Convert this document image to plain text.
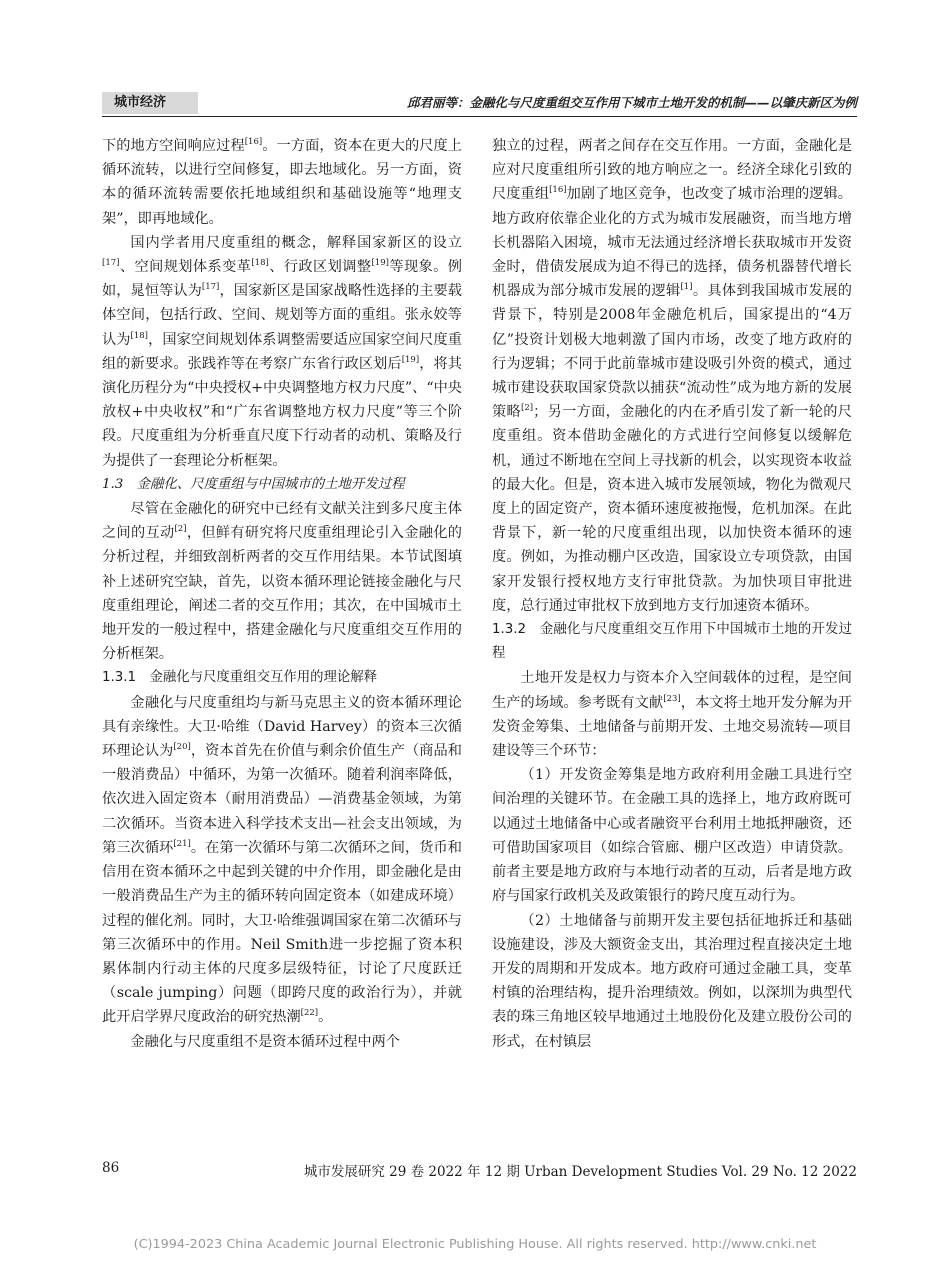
城市经济	邱君丽等：金融化与尺度重组交互作用下城市土地开发的机制——以肇庆新区为例

下的地方空间响应过程[16]。一方面，资本在更大的尺度上循环流转，以进行空间修复，即去地域化。另一方面，资本的循环流转需要依托地域组织和基础设施等“地理支架”，即再地域化。

国内学者用尺度重组的概念，解释国家新区的设立[17]、空间规划体系变革[18]、行政区划调整[19]等现象。例如，晁恒等认为[17]，国家新区是国家战略性选择的主要载体空间，包括行政、空间、规划等方面的重组。张永姣等认为[18]，国家空间规划体系调整需要适应国家空间尺度重组的新要求。张践祚等在考察广东省行政区划后[19]，将其演化历程分为“中央授权+中央调整地方权力尺度”、“中央放权+中央收权”和“广东省调整地方权力尺度”等三个阶段。尺度重组为分析垂直尺度下行动者的动机、策略及行为提供了一套理论分析框架。

1.3　金融化、尺度重组与中国城市的土地开发过程

尽管在金融化的研究中已经有文献关注到多尺度主体之间的互动[2]，但鲜有研究将尺度重组理论引入金融化的分析过程，并细致剖析两者的交互作用结果。本节试图填补上述研究空缺，首先，以资本循环理论链接金融化与尺度重组理论，阐述二者的交互作用；其次，在中国城市土地开发的一般过程中，搭建金融化与尺度重组交互作用的分析框架。

1.3.1　金融化与尺度重组交互作用的理论解释

金融化与尺度重组均与新马克思主义的资本循环理论具有亲缘性。大卫·哈维（David Harvey）的资本三次循环理论认为[20]，资本首先在价值与剩余价值生产（商品和一般消费品）中循环，为第一次循环。随着利润率降低，依次进入固定资本（耐用消费品）—消费基金领域，为第二次循环。当资本进入科学技术支出—社会支出领域，为第三次循环[21]。在第一次循环与第二次循环之间，货币和信用在资本循环之中起到关键的中介作用，即金融化是由一般消费品生产为主的循环转向固定资本（如建成环境）过程的催化剂。同时，大卫·哈维强调国家在第二次循环与第三次循环中的作用。Neil Smith进一步挖掘了资本积累体制内行动主体的尺度多层级特征，讨论了尺度跃迁（scale jumping）问题（即跨尺度的政治行为），并就此开启学界尺度政治的研究热潮[22]。

金融化与尺度重组不是资本循环过程中两个

独立的过程，两者之间存在交互作用。一方面，金融化是应对尺度重组所引致的地方响应之一。经济全球化引致的尺度重组[16]加剧了地区竞争，也改变了城市治理的逻辑。地方政府依靠企业化的方式为城市发展融资，而当地方增长机器陷入困境，城市无法通过经济增长获取城市开发资金时，借债发展成为迫不得已的选择，债务机器替代增长机器成为部分城市发展的逻辑[1]。具体到我国城市发展的背景下，特别是2008年金融危机后，国家提出的“4万亿”投资计划极大地刺激了国内市场，改变了地方政府的行为逻辑；不同于此前靠城市建设吸引外资的模式，通过城市建设获取国家贷款以捕获“流动性”成为地方新的发展策略[2]；另一方面，金融化的内在矛盾引发了新一轮的尺度重组。资本借助金融化的方式进行空间修复以缓解危机，通过不断地在空间上寻找新的机会，以实现资本收益的最大化。但是，资本进入城市发展领域，物化为微观尺度上的固定资产，资本循环速度被拖慢，危机加深。在此背景下，新一轮的尺度重组出现，以加快资本循环的速度。例如，为推动棚户区改造，国家设立专项贷款，由国家开发银行授权地方支行审批贷款。为加快项目审批进度，总行通过审批权下放到地方支行加速资本循环。

1.3.2　金融化与尺度重组交互作用下中国城市土地的开发过程

土地开发是权力与资本介入空间载体的过程，是空间生产的场域。参考既有文献[23]，本文将土地开发分解为开发资金筹集、土地储备与前期开发、土地交易流转—项目建设等三个环节：

（1）开发资金筹集是地方政府利用金融工具进行空间治理的关键环节。在金融工具的选择上，地方政府既可以通过土地储备中心或者融资平台利用土地抵押融资，还可借助国家项目（如综合管廊、棚户区改造）申请贷款。前者主要是地方政府与本地行动者的互动，后者是地方政府与国家行政机关及政策银行的跨尺度互动行为。

（2）土地储备与前期开发主要包括征地拆迁和基础设施建设，涉及大额资金支出，其治理过程直接决定土地开发的周期和开发成本。地方政府可通过金融工具，变革村镇的治理结构，提升治理绩效。例如，以深圳为典型代表的珠三角地区较早地通过土地股份化及建立股份公司的形式，在村镇层

86	城市发展研究 29 卷 2022 年 12 期 Urban Development Studies Vol. 29 No. 12 2022
(C)1994-2023 China Academic Journal Electronic Publishing House. All rights reserved. http://www.cnki.net
